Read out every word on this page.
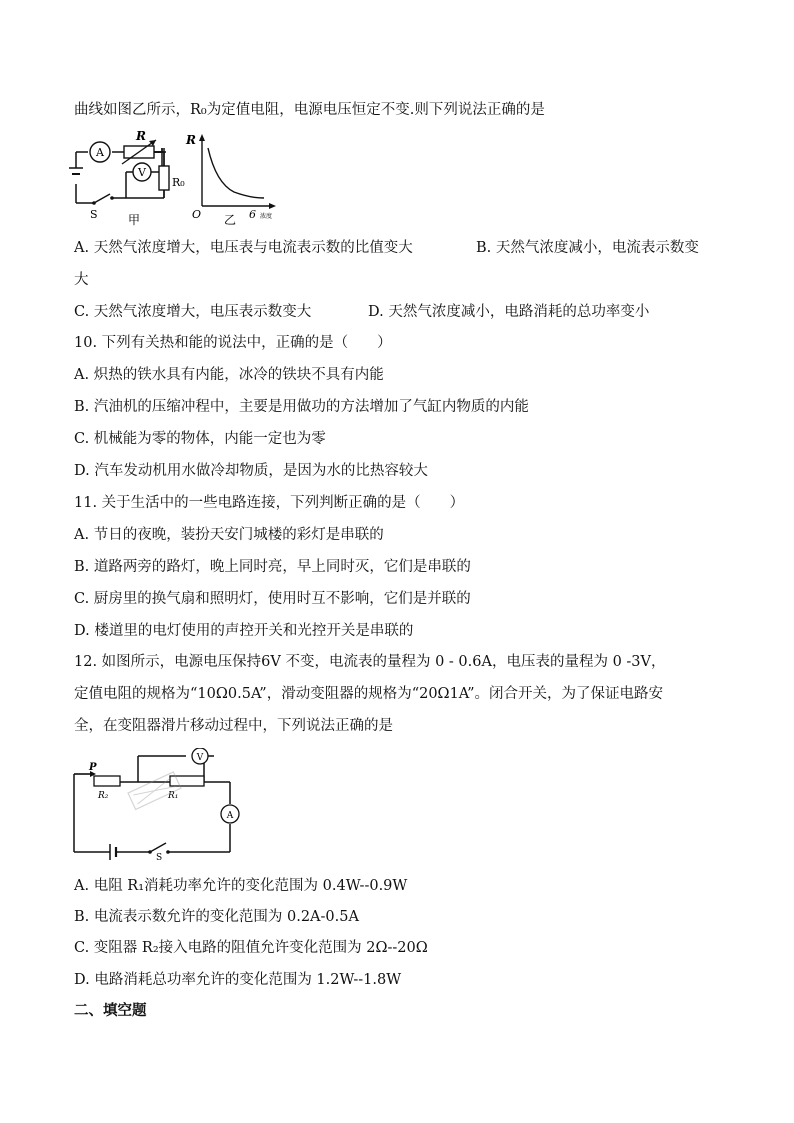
曲线如图乙所示，R₀为定值电阻，电源电压恒定不变.则下列说法正确的是
A
R
V
R₀
S	甲
R
O 乙 6 浓度
A. 天然气浓度增大，电压表与电流表示数的比值变大	B. 天然气浓度减小，电流表示数变
大
C. 天然气浓度增大，电压表示数变大	D. 天然气浓度减小，电路消耗的总功率变小
10. 下列有关热和能的说法中，正确的是（　　）
A. 炽热的铁水具有内能，冰冷的铁块不具有内能
B. 汽油机的压缩冲程中，主要是用做功的方法增加了气缸内物质的内能
C. 机械能为零的物体，内能一定也为零
D. 汽车发动机用水做冷却物质，是因为水的比热容较大
11. 关于生活中的一些电路连接，下列判断正确的是（　　）
A. 节日的夜晚，装扮天安门城楼的彩灯是串联的
B. 道路两旁的路灯，晚上同时亮，早上同时灭，它们是串联的
C. 厨房里的换气扇和照明灯，使用时互不影响，它们是并联的
D. 楼道里的电灯使用的声控开关和光控开关是串联的
12. 如图所示，电源电压保持6V 不变，电流表的量程为 0 - 0.6A，电压表的量程为 0 -3V，
定值电阻的规格为“10Ω0.5A”，滑动变阻器的规格为“20Ω1A”。闭合开关，为了保证电路安
全，在变阻器滑片移动过程中，下列说法正确的是
S
P
R₂	R₁
V
A
A. 电阻 R₁消耗功率允许的变化范围为 0.4W--0.9W
B. 电流表示数允许的变化范围为 0.2A-0.5A
C. 变阻器 R₂接入电路的阻值允许变化范围为 2Ω--20Ω
D. 电路消耗总功率允许的变化范围为 1.2W--1.8W
二、填空题
